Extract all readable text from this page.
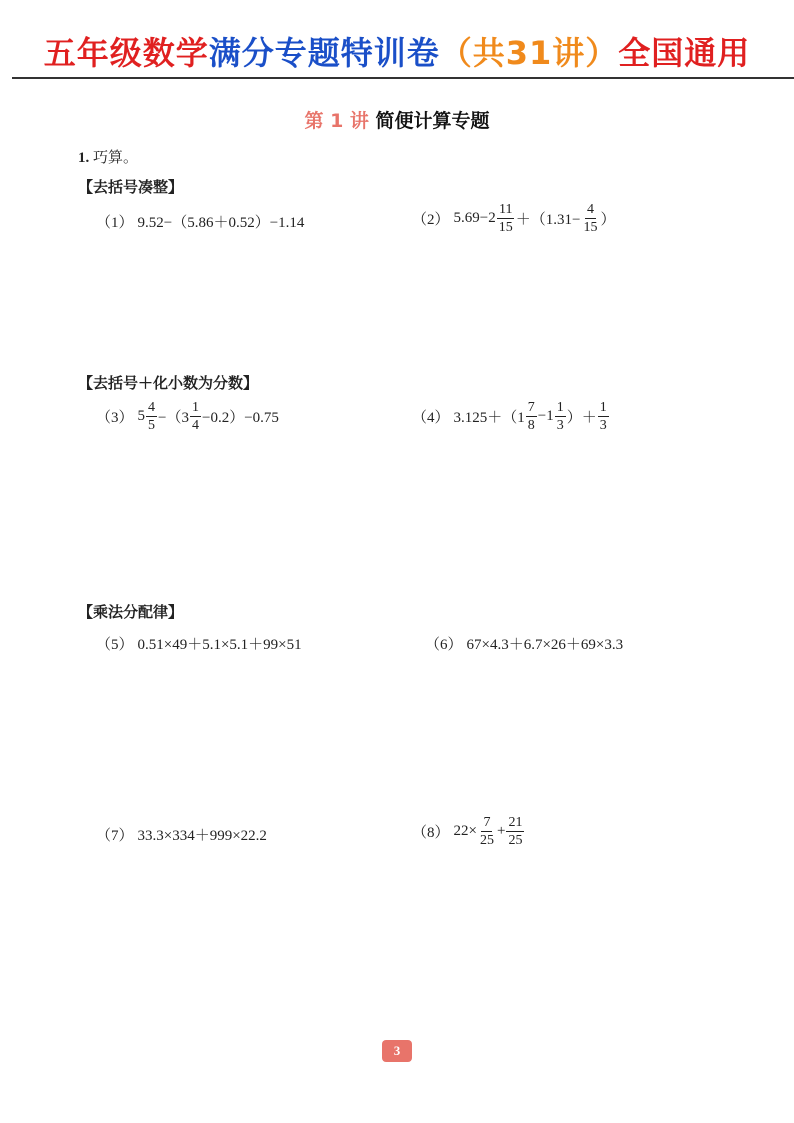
五年级数学满分专题特训卷（共31讲）全国通用
第 1 讲 简便计算专题
1. 巧算。
【去括号凑整】
（1） 9.52−（5.86＋0.52）−1.14	（2） $5.69-2 \frac{11}{15} +(1.31- \frac{4}{15}$ ）
【去括号＋化小数为分数】
（3） $5 \frac{4}{5} -(3 \frac{1}{4} -0.2)-0.75$	（4） $3.125+(1 \frac{7}{8} -1 \frac{1}{3}$ ）＋ $\frac{1}{3}$
【乘法分配律】
（5） 0.51×49＋5.1×5.1＋99×51	（6） 67×4.3＋6.7×26＋69×3.3
（7） 33.3×334＋999×22.2	（8） $22\times \frac{7}{25} + \frac{21}{25}$
3
